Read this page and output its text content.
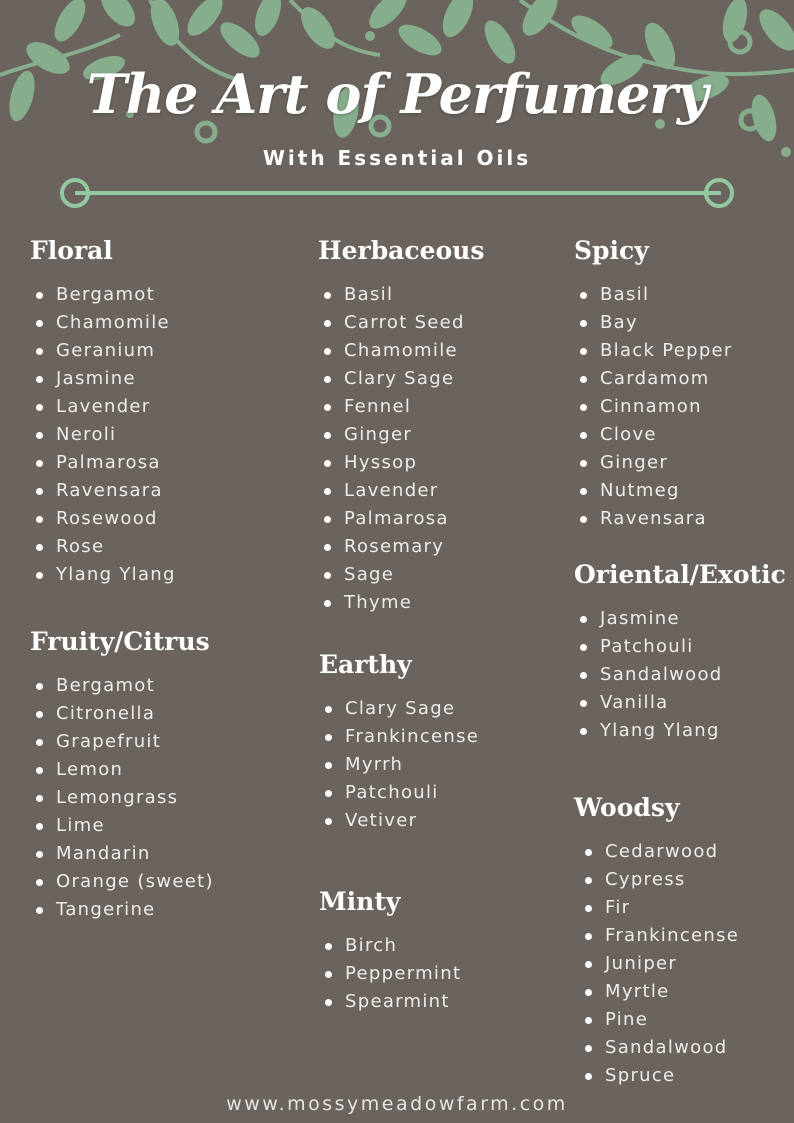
The Art of Perfumery
With Essential Oils
Floral
Bergamot
Chamomile
Geranium
Jasmine
Lavender
Neroli
Palmarosa
Ravensara
Rosewood
Rose
Ylang Ylang
Fruity/Citrus
Bergamot
Citronella
Grapefruit
Lemon
Lemongrass
Lime
Mandarin
Orange (sweet)
Tangerine
Herbaceous
Basil
Carrot Seed
Chamomile
Clary Sage
Fennel
Ginger
Hyssop
Lavender
Palmarosa
Rosemary
Sage
Thyme
Earthy
Clary Sage
Frankincense
Myrrh
Patchouli
Vetiver
Minty
Birch
Peppermint
Spearmint
Spicy
Basil
Bay
Black Pepper
Cardamom
Cinnamon
Clove
Ginger
Nutmeg
Ravensara
Oriental/Exotic
Jasmine
Patchouli
Sandalwood
Vanilla
Ylang Ylang
Woodsy
Cedarwood
Cypress
Fir
Frankincense
Juniper
Myrtle
Pine
Sandalwood
Spruce
www.mossymeadowfarm.com
